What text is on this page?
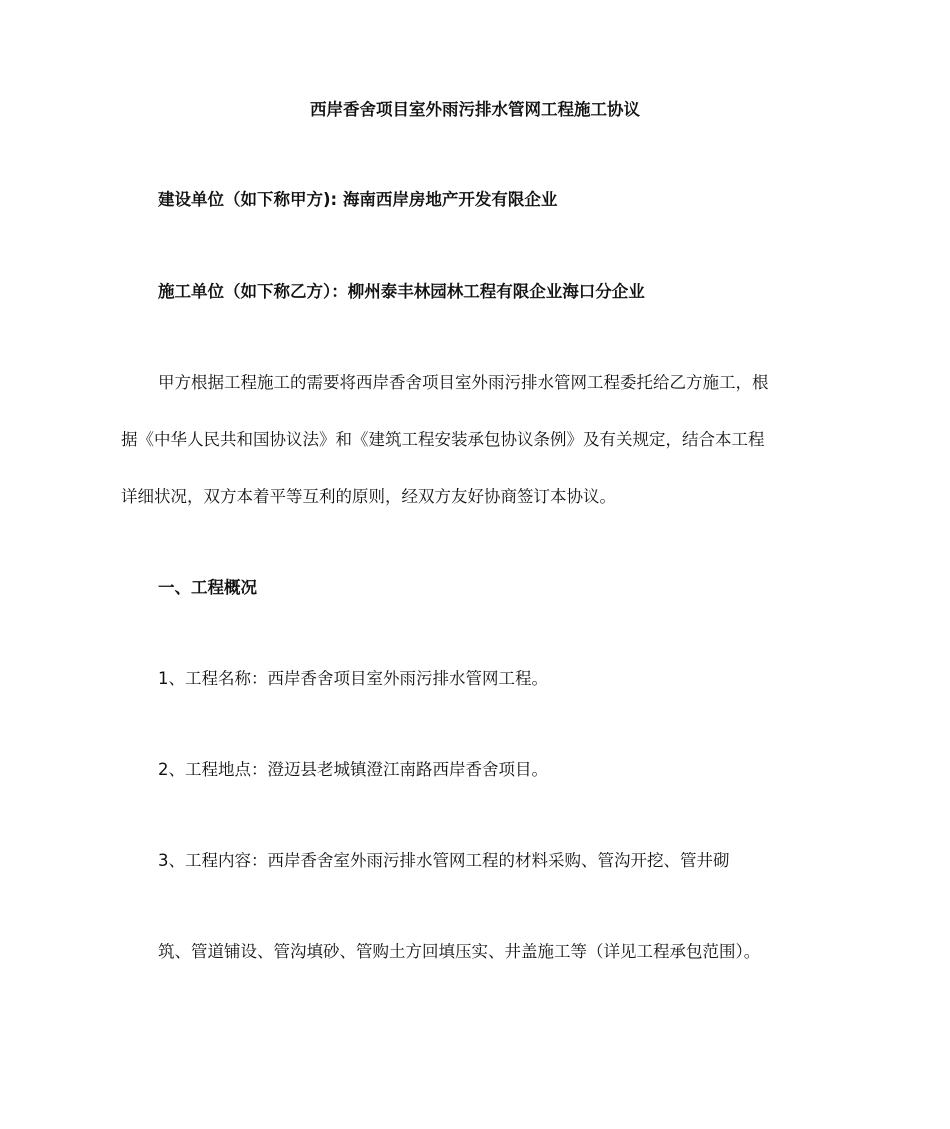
西岸香舍项目室外雨污排水管网工程施工协议
建设单位（如下称甲方): 海南西岸房地产开发有限企业
施工单位（如下称乙方）：柳州泰丰林园林工程有限企业海口分企业
甲方根据工程施工的需要将西岸香舍项目室外雨污排水管网工程委托给乙方施工，根
据《中华人民共和国协议法》和《建筑工程安装承包协议条例》及有关规定，结合本工程
详细状况，双方本着平等互利的原则，经双方友好协商签订本协议。
一、工程概况
1、工程名称：西岸香舍项目室外雨污排水管网工程。
2、工程地点：澄迈县老城镇澄江南路西岸香舍项目。
3、工程内容：西岸香舍室外雨污排水管网工程的材料采购、管沟开挖、管井砌
筑、管道铺设、管沟填砂、管购土方回填压实、井盖施工等（详见工程承包范围）。
